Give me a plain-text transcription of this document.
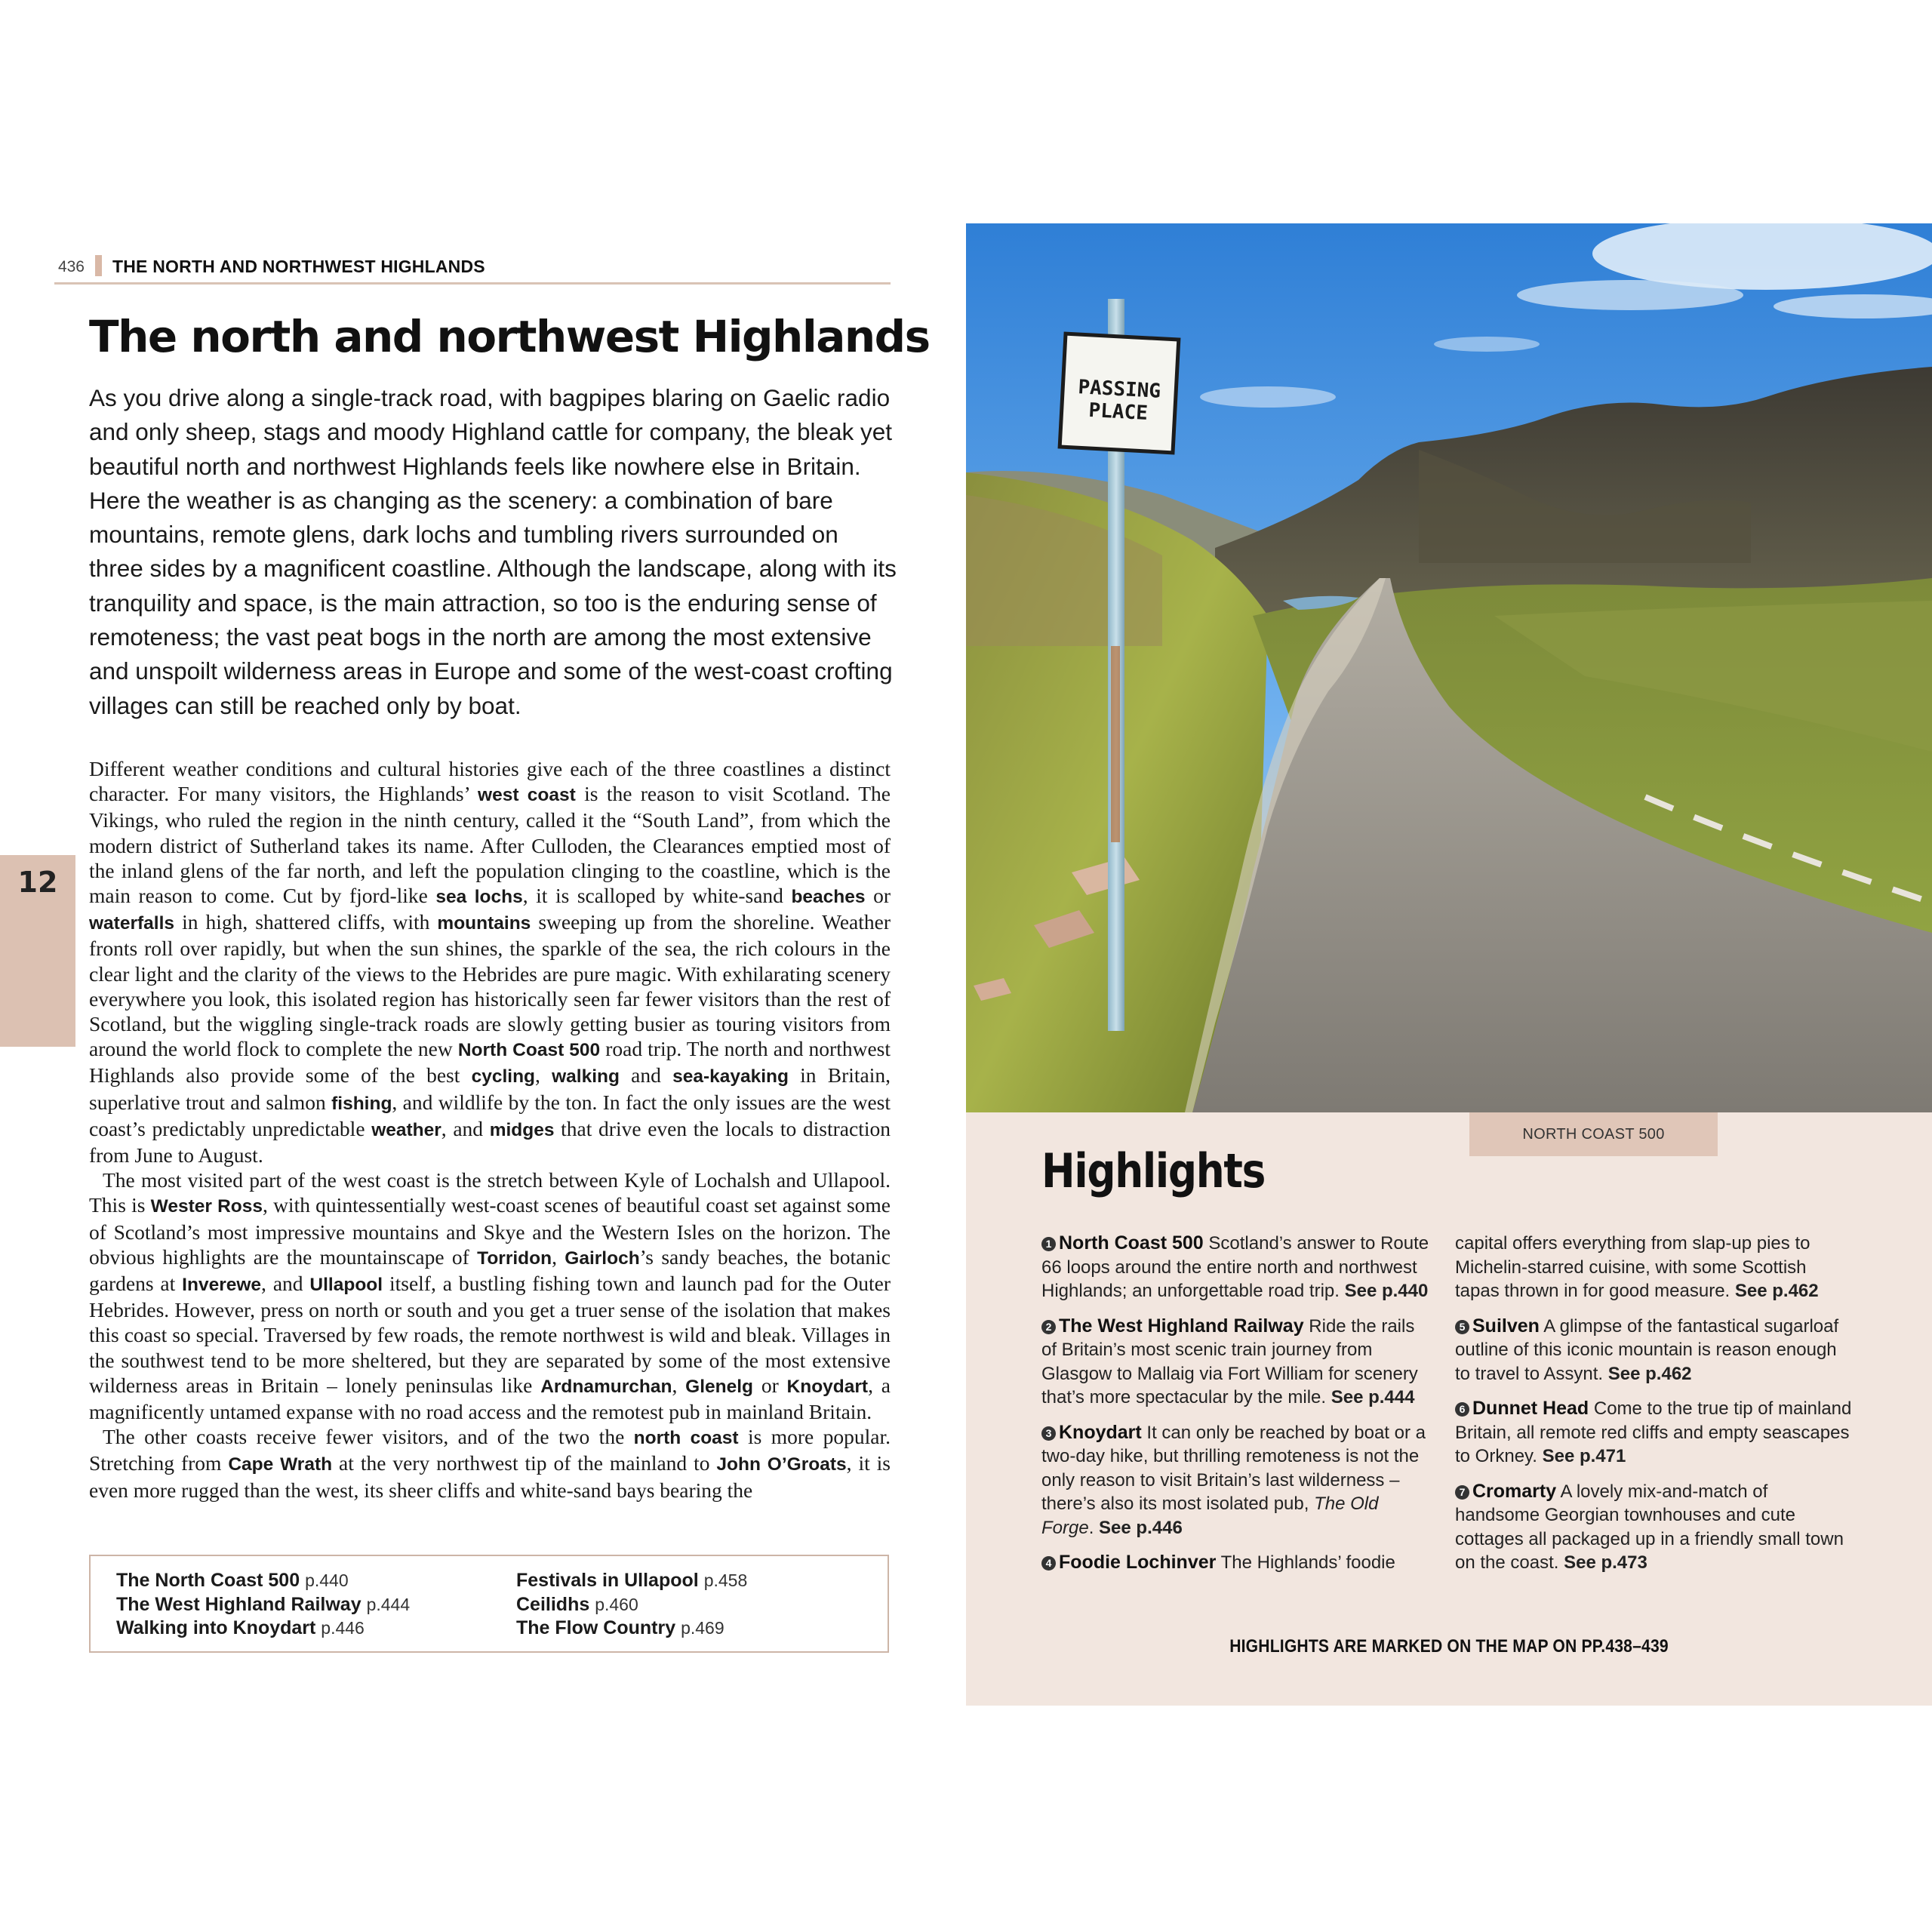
436 THE NORTH AND NORTHWEST HIGHLANDS
The north and northwest Highlands

As you drive along a single-track road, with bagpipes blaring on Gaelic radio and only sheep, stags and moody Highland cattle for company, the bleak yet beautiful north and northwest Highlands feels like nowhere else in Britain. Here the weather is as changing as the scenery: a combination of bare mountains, remote glens, dark lochs and tumbling rivers surrounded on three sides by a magnificent coastline. Although the landscape, along with its tranquility and space, is the main attraction, so too is the enduring sense of remoteness; the vast peat bogs in the north are among the most extensive and unspoilt wilderness areas in Europe and some of the west-coast crofting villages can still be reached only by boat.

Different weather conditions and cultural histories give each of the three coastlines a distinct character. For many visitors, the Highlands’ west coast is the reason to visit Scotland. The Vikings, who ruled the region in the ninth century, called it the “South Land”, from which the modern district of Sutherland takes its name. After Culloden, the Clearances emptied most of the inland glens of the far north, and left the population clinging to the coastline, which is the main reason to come. Cut by fjord-like sea lochs, it is scalloped by white-sand beaches or waterfalls in high, shattered cliffs, with mountains sweeping up from the shoreline. Weather fronts roll over rapidly, but when the sun shines, the sparkle of the sea, the rich colours in the clear light and the clarity of the views to the Hebrides are pure magic. With exhilarating scenery everywhere you look, this isolated region has historically seen far fewer visitors than the rest of Scotland, but the wiggling single-track roads are slowly getting busier as touring visitors from around the world flock to complete the new North Coast 500 road trip. The north and northwest Highlands also provide some of the best cycling, walking and sea-kayaking in Britain, superlative trout and salmon fishing, and wildlife by the ton. In fact the only issues are the west coast’s predictably unpredictable weather, and midges that drive even the locals to distraction from June to August.

The most visited part of the west coast is the stretch between Kyle of Lochalsh and Ullapool. This is Wester Ross, with quintessentially west-coast scenes of beautiful coast set against some of Scotland’s most impressive mountains and Skye and the Western Isles on the horizon. The obvious highlights are the mountainscape of Torridon, Gairloch’s sandy beaches, the botanic gardens at Inverewe, and Ullapool itself, a bustling fishing town and launch pad for the Outer Hebrides. However, press on north or south and you get a truer sense of the isolation that makes this coast so special. Traversed by few roads, the remote northwest is wild and bleak. Villages in the southwest tend to be more sheltered, but they are separated by some of the most extensive wilderness areas in Britain – lonely peninsulas like Ardnamurchan, Glenelg or Knoydart, a magnificently untamed expanse with no road access and the remotest pub in mainland Britain.

The other coasts receive fewer visitors, and of the two the north coast is more popular. Stretching from Cape Wrath at the very northwest tip of the mainland to John O’Groats, it is even more rugged than the west, its sheer cliffs and white-sand bays bearing the

12
The North Coast 500 p.440
The West Highland Railway p.444
Walking into Knoydart p.446
Festivals in Ullapool p.458
Ceilidhs p.460
The Flow Country p.469
PASSING
PLACE
NORTH COAST 500
Highlights

1 North Coast 500 Scotland’s answer to Route 66 loops around the entire north and northwest Highlands; an unforgettable road trip. See p.440

2 The West Highland Railway Ride the rails of Britain’s most scenic train journey from Glasgow to Mallaig via Fort William for scenery that’s more spectacular by the mile. See p.444

3 Knoydart It can only be reached by boat or a two-day hike, but thrilling remoteness is not the only reason to visit Britain’s last wilderness – there’s also its most isolated pub, The Old Forge. See p.446

4 Foodie Lochinver The Highlands’ foodie

capital offers everything from slap-up pies to Michelin-starred cuisine, with some Scottish tapas thrown in for good measure. See p.462

5 Suilven A glimpse of the fantastical sugarloaf outline of this iconic mountain is reason enough to travel to Assynt. See p.462

6 Dunnet Head Come to the true tip of mainland Britain, all remote red cliffs and empty seascapes to Orkney. See p.471

7 Cromarty A lovely mix-and-match of handsome Georgian townhouses and cute cottages all packaged up in a friendly small town on the coast. See p.473

HIGHLIGHTS ARE MARKED ON THE MAP ON PP.438–439
